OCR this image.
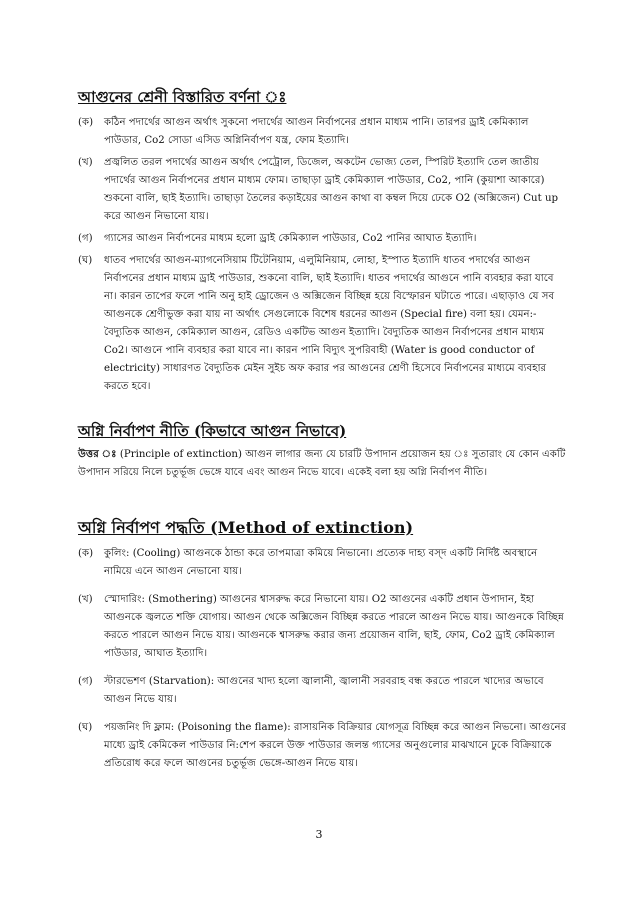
আগুনের শ্রেনী বিস্তারিত বর্ণনা ঃ
(ক)	কঠিন পদার্থের আগুন অর্থাৎ সুকনো পদার্থের আগুন নির্বাপনের প্রধান মাধ্যম পানি। তারপর ড্রাই কেমিক্যাল পাউডার, Co2 সোডা এসিড অগ্নিনির্বাপণ যন্ত্র, ফোম ইত্যাদি।
(খ)	প্রজ্বলিত তরল পদার্থের আগুন অর্থাৎ পেট্রোল, ডিজেল, অকটেন ভোজ্য তেল, স্পিরিট ইত্যাদি তেল জাতীয় পদার্থের আগুন নির্বাপনের প্রধান মাধ্যম ফোম। তাছাড়া ড্রাই কেমিক্যাল পাউডার, Co2, পানি (কুয়াশা আকারে) শুকনো বালি, ছাই ইত্যাদি। তাছাড়া তৈলের কড়াইয়ের আগুন কাথা বা কম্বল দিয়ে ঢেকে O2 (অক্সিজেন) Cut up করে আগুন নিভানো যায়।
(গ)	গ্যাসের আগুন নির্বাপনের মাধ্যম হলো ড্রাই কেমিক্যাল পাউডার, Co2 পানির আঘাত ইত্যাদি।
(ঘ)	ধাতব পদার্থের আগুন-ম্যাগনেসিয়াম টিটেনিয়াম, এলুমিনিয়াম, লোহা, ইস্পাত ইত্যাদি ধাতব পদার্থের আগুন নির্বাপনের প্রধান মাধ্যম ড্রাই পাউডার, শুকনো বালি, ছাই ইত্যাদি। ধাতব পদার্থের আগুনে পানি ব্যবহার করা যাবে না। কারন তাপের ফলে পানি অনু হাই ড্রোজেন ও অক্সিজেন বিচ্ছিন্ন হয়ে বিস্ফোরন ঘটাতে পারে। এছাড়াও যে সব আগুনকে শ্রেণীভুক্ত করা যায় না অর্থাৎ সেগুলোকে বিশেষ ধরনের আগুন (Special fire) বলা হয়। যেমন:-বৈদ্যুতিক আগুন, কেমিক্যাল আগুন, রেডিও একটিভ আগুন ইত্যাদি। বৈদ্যুতিক আগুন নির্বাপনের প্রধান মাধ্যম Co2। আগুনে পানি ব্যবহার করা যাবে না। কারন পানি বিদ্যুৎ সুপরিবাহী (Water is good conductor of electricity) সাধারণত বৈদ্যুতিক মেইন সুইচ অফ করার পর আগুনের শ্রেণী হিসেবে নির্বাপনের মাধ্যমে ব্যবহার করতে হবে।
অগ্নি নির্বাপণ নীতি (কিভাবে আগুন নিভাবে)

উত্তর ঃ (Principle of extinction) আগুন লাগার জন্য যে চারটি উপাদান প্রয়োজন হয় ঃ সুতারাং যে কোন একটি উপাদান সরিয়ে নিলে চতুর্ভূজ ভেঙ্গে যাবে এবং আগুন নিভে যাবে। একেই বলা হয় অগ্নি নির্বাপণ নীতি।

অগ্নি নির্বাপণ পদ্ধতি (Method of extinction)
(ক)	কুলিং: (Cooling) আগুনকে ঠান্ডা করে তাপমাত্রা কমিয়ে নিভানো। প্রত্যেক দাহ্য বস্দ একটি নির্দিষ্ট অবস্থানে নামিয়ে এনে আগুন নেভানো যায়।
(খ)	স্মোদারিং: (Smothering) আগুনের শ্বাসরুদ্ধ করে নিভানো যায়। O2 আগুনের একটি প্রধান উপাদান, ইহা আগুনকে জ্বলতে শক্তি যোগায়। আগুন থেকে অক্সিজেন বিচ্ছিন্ন করতে পারলে আগুন নিভে যায়। আগুনকে বিচ্ছিন্ন করতে পারলে আগুন নিভে যায়। আগুনকে শ্বাসরুদ্ধ করার জন্য প্রয়োজন বালি, ছাই, ফোম, Co2 ড্রাই কেমিক্যাল পাউডার, আঘাত ইত্যাদি।
(গ)	স্টারভেশণ (Starvation): আগুনের খাদ্য হলো জ্বালানী, জ্বালানী সরবরাহ বন্ধ করতে পারলে খাদ্যের অভাবে আগুন নিভে যায়।
(ঘ)	পয়জনিং দি ফ্লাম: (Poisoning the flame): রাসায়নিক বিক্রিয়ার যোগসূত্র বিচ্ছিন্ন করে আগুন নিভনো। আগুনের মাধ্যে ড্রাই কেমিকেল পাউডার নি:শেপ করলে উক্ত পাউডার জলন্ত গ্যাসের অনুগুলোর মাঝখানে ঢুকে বিক্রিয়াকে প্রতিরোধ করে ফলে আগুনের চতুর্ভূজ ভেঙ্গে-আগুন নিভে যায়।
3
